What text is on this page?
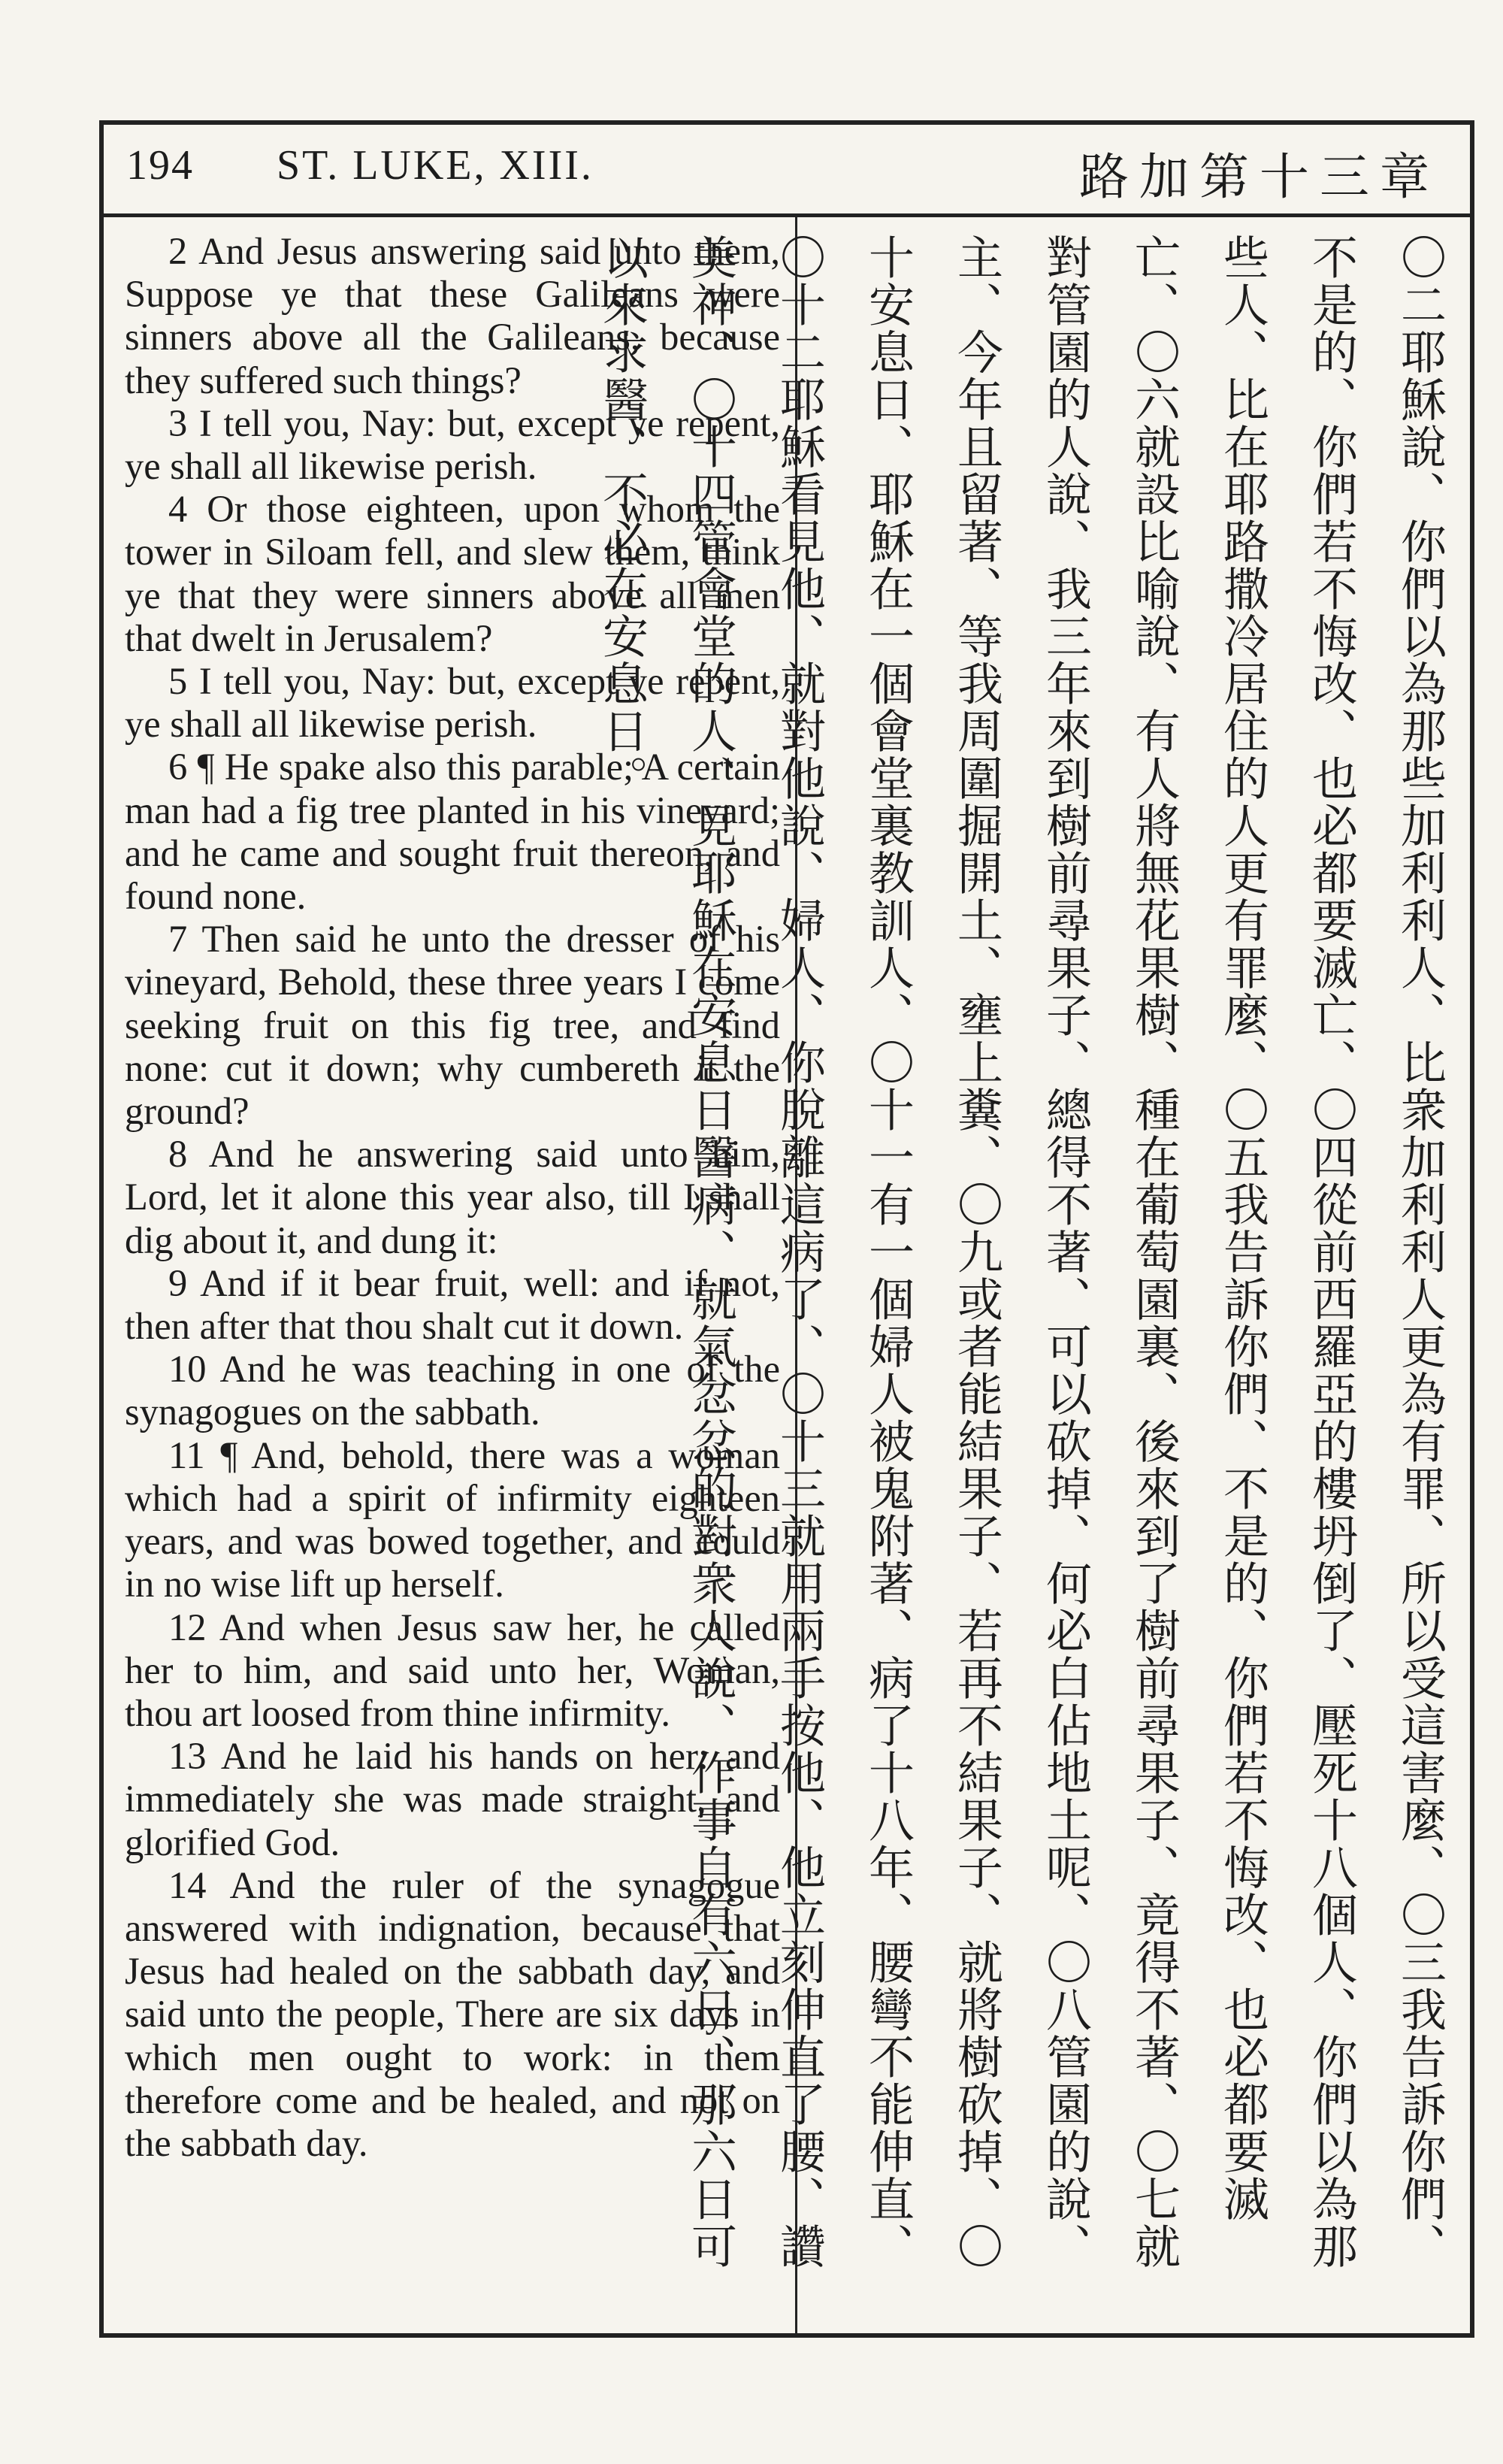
194 ST. LUKE, XIII.	路加第十三章

2 And Jesus answering said unto them, Suppose ye that these Galileans were sinners above all the Galileans, because they suffered such things?

3 I tell you, Nay: but, except ye repent, ye shall all likewise perish.

4 Or those eighteen, upon whom the tower in Siloam fell, and slew them, think ye that they were sinners above all men that dwelt in Jerusalem?

5 I tell you, Nay: but, except ye repent, ye shall all likewise perish.

6 ¶ He spake also this parable; A certain man had a fig tree planted in his vineyard; and he came and sought fruit thereon, and found none.

7 Then said he unto the dresser of his vineyard, Behold, these three years I come seeking fruit on this fig tree, and find none: cut it down; why cumbereth it the ground?

8 And he answering said unto him, Lord, let it alone this year also, till I shall dig about it, and dung it:

9 And if it bear fruit, well: and if not, then after that thou shalt cut it down.

10 And he was teaching in one of the synagogues on the sabbath.

11 ¶ And, behold, there was a woman which had a spirit of infirmity eighteen years, and was bowed together, and could in no wise lift up herself.

12 And when Jesus saw her, he called her to him, and said unto her, Woman, thou art loosed from thine infirmity.

13 And he laid his hands on her: and immediately she was made straight, and glorified God.

14 And the ruler of the synagogue answered with indignation, because that Jesus had healed on the sabbath day, and said unto the people, There are six days in which men ought to work: in them therefore come and be healed, and not on the sabbath day.	〇二耶穌說、你們以為那些加利利人、比衆加利利人更為有罪、所以受這害麼、〇三我告訴你們、不是的、你們若不悔改、也必都要滅亡、〇四從前西羅亞的樓坍倒了、壓死十八個人、你們以為那些人、比在耶路撒冷居住的人更有罪麼、〇五我告訴你們、不是的、你們若不悔改、也必都要滅亡、〇六就設比喻說、有人將無花果樹、種在葡萄園裏、後來到了樹前尋果子、竟得不著、〇七就對管園的人說、我三年來到樹前尋果子、總得不著、可以砍掉、何必白佔地土呢、〇八管園的說、主、今年且留著、等我周圍掘開土、壅上糞、〇九或者能結果子、若再不結果子、就將樹砍掉、〇十安息日、耶穌在一個會堂裏教訓人、〇十一有一個婦人被鬼附著、病了十八年、腰彎不能伸直、〇十二耶穌看見他、就對他說、婦人、你脫離這病了、〇十三就用兩手按他、他立刻伸直了腰、讚美神、〇十四管會堂的人、見耶穌在安息日醫病、就氣忿忿的對衆人說、作事自有六日、那六日可以來求醫、不必在安息日。
